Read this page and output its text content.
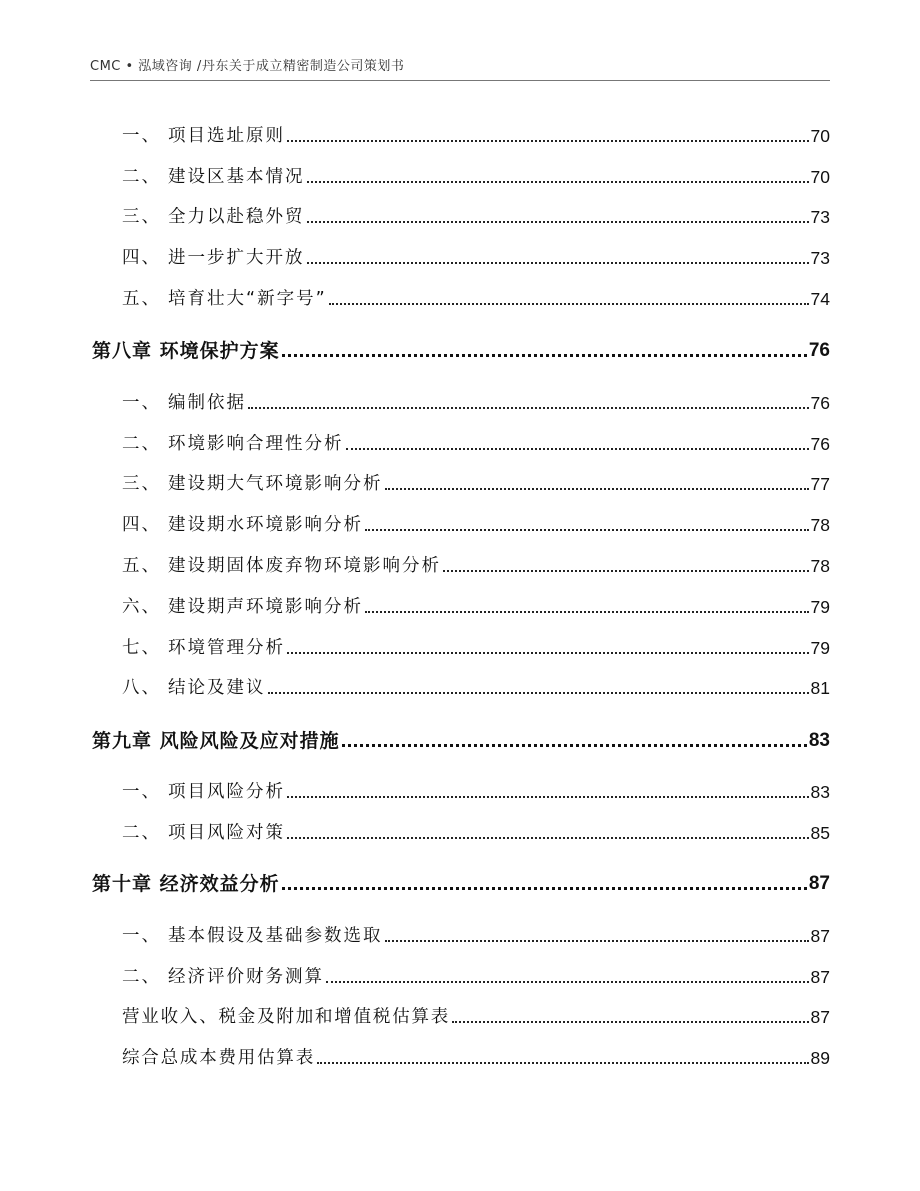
CMC • 泓域咨询 /丹东关于成立精密制造公司策划书
一、 项目选址原则	70
二、 建设区基本情况	70
三、 全力以赴稳外贸	73
四、 进一步扩大开放	73
五、 培育壮大“新字号”	74
第八章 环境保护方案	76
一、 编制依据	76
二、 环境影响合理性分析	76
三、 建设期大气环境影响分析	77
四、 建设期水环境影响分析	78
五、 建设期固体废弃物环境影响分析	78
六、 建设期声环境影响分析	79
七、 环境管理分析	79
八、 结论及建议	81
第九章 风险风险及应对措施	83
一、 项目风险分析	83
二、 项目风险对策	85
第十章 经济效益分析	87
一、 基本假设及基础参数选取	87
二、 经济评价财务测算	87
营业收入、税金及附加和增值税估算表	87
综合总成本费用估算表	89
